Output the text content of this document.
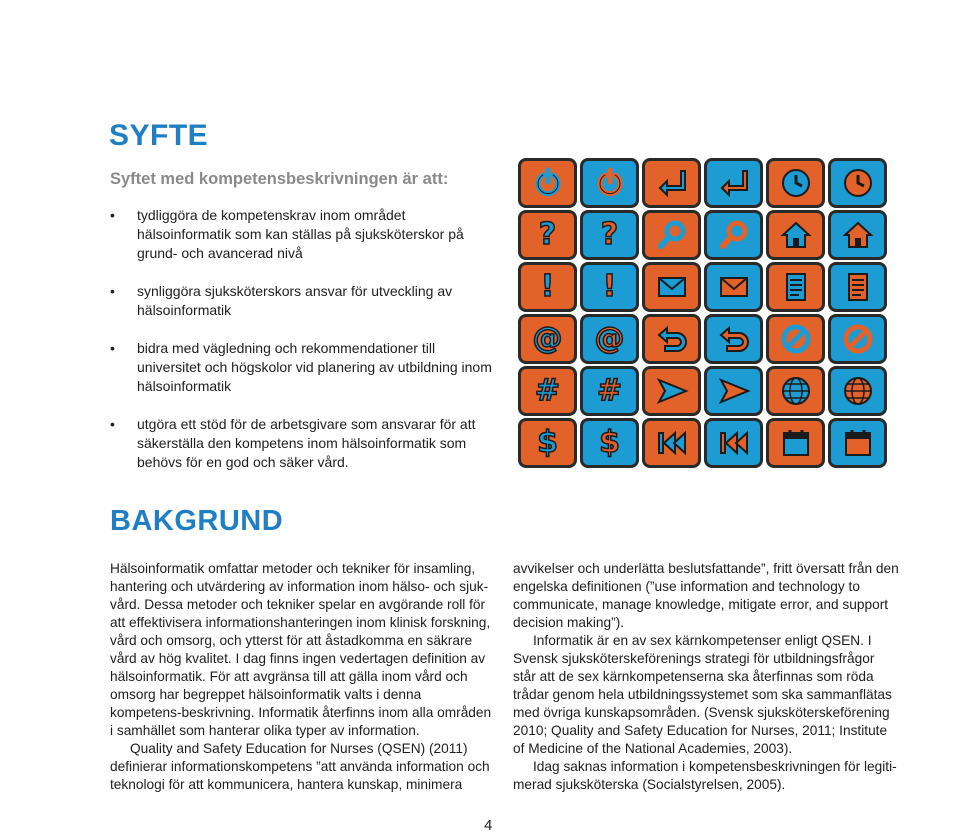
SYFTE
Syftet med kompetensbeskrivningen är att:
• tydliggöra de kompetenskrav inom området hälsoinformatik som kan ställas på sjuksköterskor på grund- och avancerad nivå
• synliggöra sjuksköterskors ansvar för utveckling av hälsoinformatik
• bidra med vägledning och rekommendationer till universitet och högskolor vid planering av utbildning inom hälsoinformatik
• utgöra ett stöd för de arbetsgivare som ansvarar för att säkerställa den kompetens inom hälsoinformatik som behövs för en god och säker vård.
? ?
! !
@ @
# #
$ $
BAKGRUND

Hälsoinformatik omfattar metoder och tekniker för insamling, hantering och utvärdering av information inom hälso- och sjuk-vård. Dessa metoder och tekniker spelar en avgörande roll för att effektivisera informationshanteringen inom klinisk forskning, vård och omsorg, och ytterst för att åstadkomma en säkrare vård av hög kvalitet. I dag finns ingen vedertagen definition av hälsoinformatik. För att avgränsa till att gälla inom vård och omsorg har begreppet hälsoinformatik valts i denna kompetens-beskrivning. Informatik återfinns inom alla områden i samhället som hanterar olika typer av information.

Quality and Safety Education for Nurses (QSEN) (2011) definierar informationskompetens ”att använda information och teknologi för att kommunicera, hantera kunskap, minimera

avvikelser och underlätta beslutsfattande”, fritt översatt från den engelska definitionen (”use information and technology to communicate, manage knowledge, mitigate error, and support decision making”).

Informatik är en av sex kärnkompetenser enligt QSEN. I Svensk sjuksköterskeförenings strategi för utbildningsfrågor står att de sex kärnkompetenserna ska återfinnas som röda trådar genom hela utbildningssystemet som ska sammanflätas med övriga kunskapsområden. (Svensk sjuksköterskeförening 2010; Quality and Safety Education for Nurses, 2011; Institute of Medicine of the National Academies, 2003).

Idag saknas information i kompetensbeskrivningen för legiti-merad sjuksköterska (Socialstyrelsen, 2005).

4
